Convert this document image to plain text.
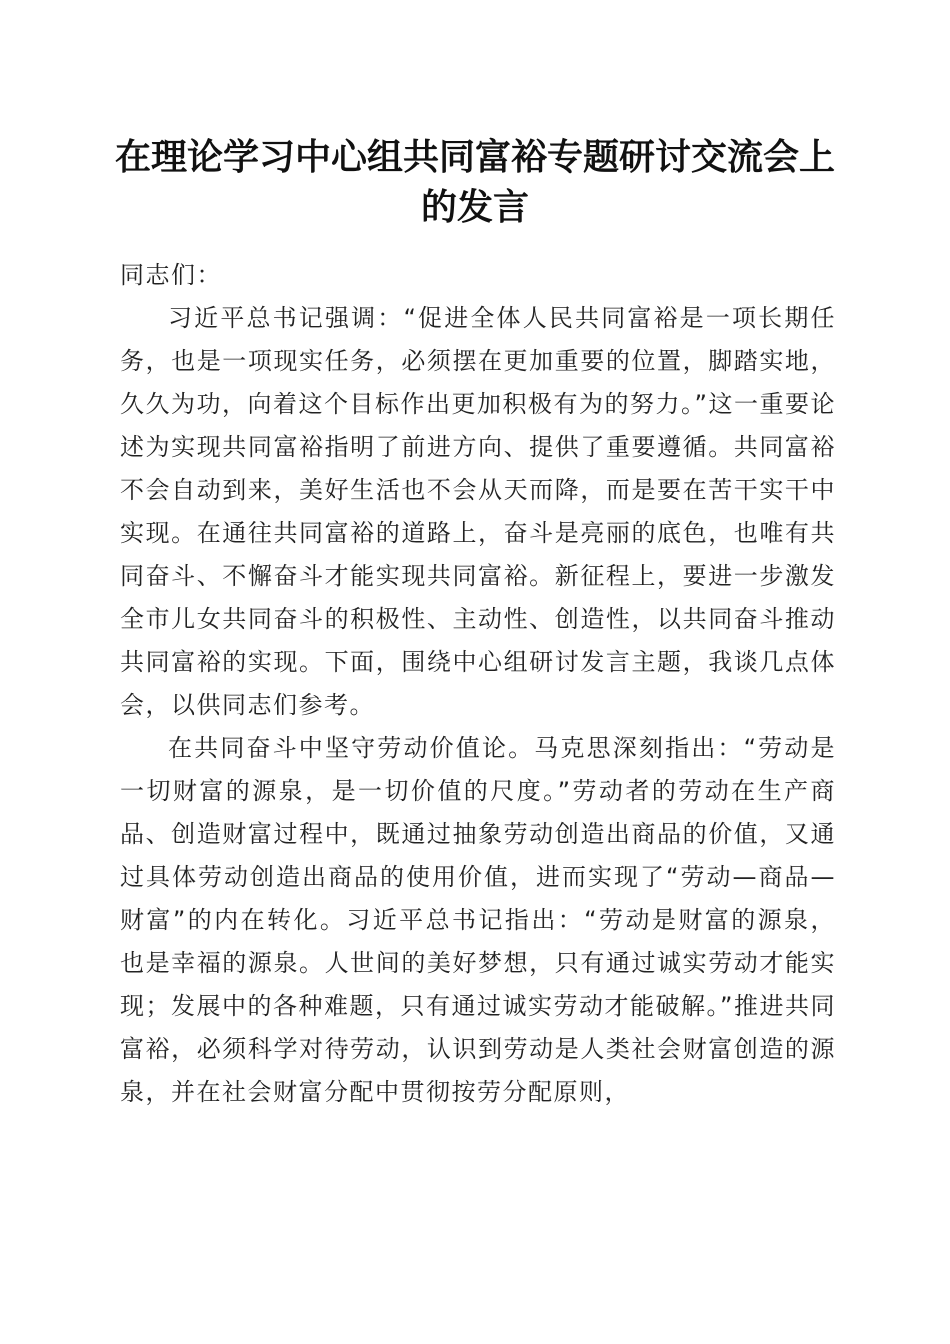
在理论学习中心组共同富裕专题研讨交流会上的发言

同志们：

习近平总书记强调：“促进全体人民共同富裕是一项长期任务，也是一项现实任务，必须摆在更加重要的位置，脚踏实地，久久为功，向着这个目标作出更加积极有为的努力。”这一重要论述为实现共同富裕指明了前进方向、提供了重要遵循。共同富裕不会自动到来，美好生活也不会从天而降，而是要在苦干实干中实现。在通往共同富裕的道路上，奋斗是亮丽的底色，也唯有共同奋斗、不懈奋斗才能实现共同富裕。新征程上，要进一步激发全市儿女共同奋斗的积极性、主动性、创造性，以共同奋斗推动共同富裕的实现。下面，围绕中心组研讨发言主题，我谈几点体会，以供同志们参考。

在共同奋斗中坚守劳动价值论。马克思深刻指出：“劳动是一切财富的源泉，是一切价值的尺度。”劳动者的劳动在生产商品、创造财富过程中，既通过抽象劳动创造出商品的价值，又通过具体劳动创造出商品的使用价值，进而实现了“劳动—商品—财富”的内在转化。习近平总书记指出：“劳动是财富的源泉，也是幸福的源泉。人世间的美好梦想，只有通过诚实劳动才能实现；发展中的各种难题，只有通过诚实劳动才能破解。”推进共同富裕，必须科学对待劳动，认识到劳动是人类社会财富创造的源泉，并在社会财富分配中贯彻按劳分配原则，
